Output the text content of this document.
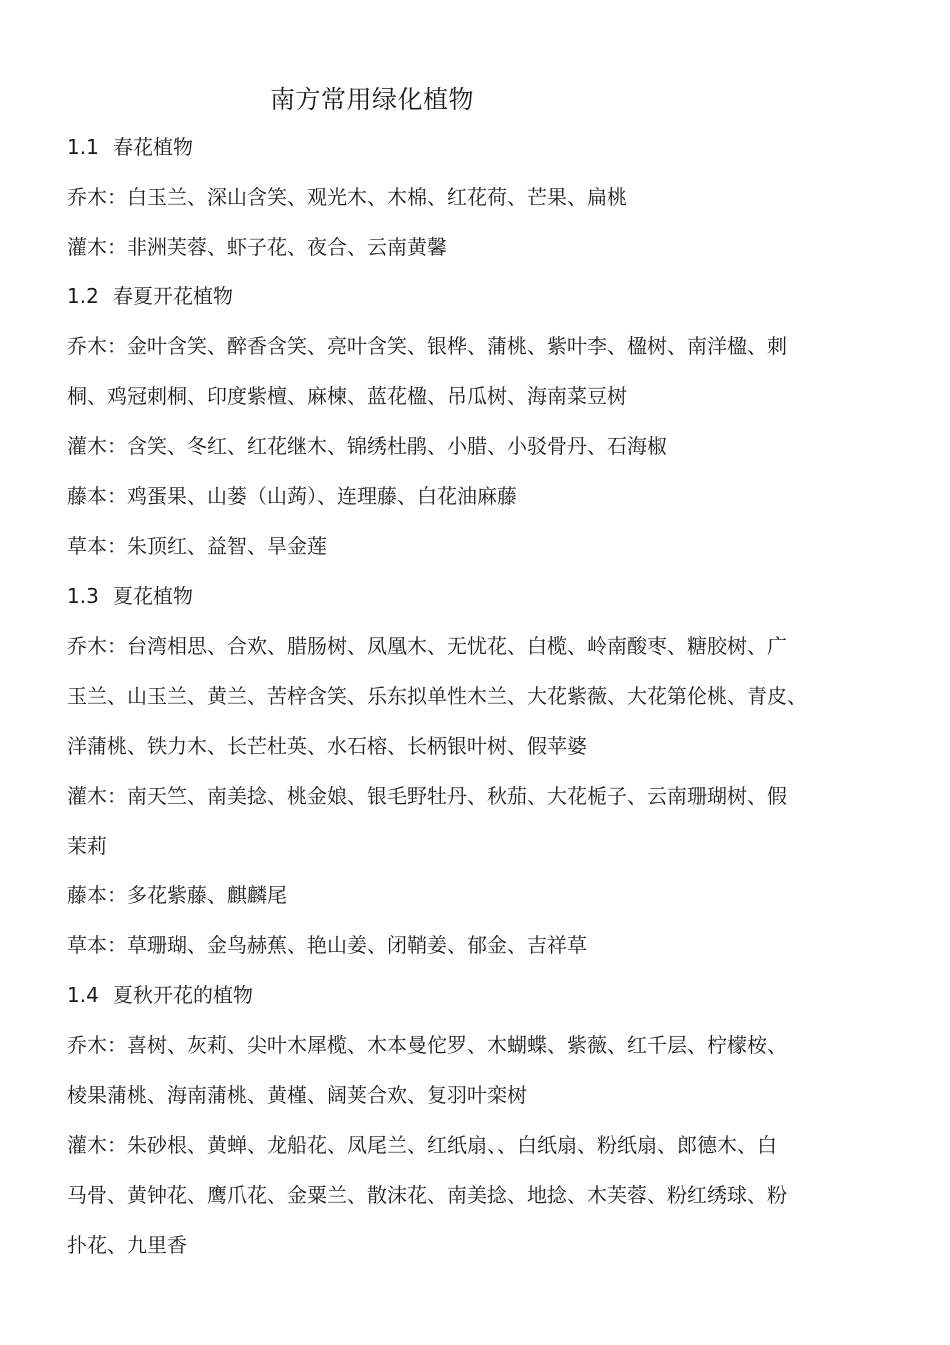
南方常用绿化植物
1.1 春花植物
乔木：白玉兰、深山含笑、观光木、木棉、红花荷、芒果、扁桃
灌木：非洲芙蓉、虾子花、夜合、云南黄馨
1.2 春夏开花植物
乔木：金叶含笑、醉香含笑、亮叶含笑、银桦、蒲桃、紫叶李、楹树、南洋楹、刺
桐、鸡冠刺桐、印度紫檀、麻楝、蓝花楹、吊瓜树、海南菜豆树
灌木：含笑、冬红、红花继木、锦绣杜鹃、小腊、小驳骨丹、石海椒
藤本：鸡蛋果、山蒌（山蒟）、连理藤、白花油麻藤
草本：朱顶红、益智、旱金莲
1.3 夏花植物
乔木：台湾相思、合欢、腊肠树、凤凰木、无忧花、白榄、岭南酸枣、糖胶树、广
玉兰、山玉兰、黄兰、苦梓含笑、乐东拟单性木兰、大花紫薇、大花第伦桃、青皮、
洋蒲桃、铁力木、长芒杜英、水石榕、长柄银叶树、假苹婆
灌木：南天竺、南美捻、桃金娘、银毛野牡丹、秋茄、大花栀子、云南珊瑚树、假
茉莉
藤本：多花紫藤、麒麟尾
草本：草珊瑚、金鸟赫蕉、艳山姜、闭鞘姜、郁金、吉祥草
1.4 夏秋开花的植物
乔木：喜树、灰莉、尖叶木犀榄、木本曼佗罗、木蝴蝶、紫薇、红千层、柠檬桉、
棱果蒲桃、海南蒲桃、黄槿、阔荚合欢、复羽叶栾树
灌木：朱砂根、黄蝉、龙船花、凤尾兰、红纸扇、、白纸扇、粉纸扇、郎德木、白
马骨、黄钟花、鹰爪花、金粟兰、散沫花、南美捻、地捻、木芙蓉、粉红绣球、粉
扑花、九里香
